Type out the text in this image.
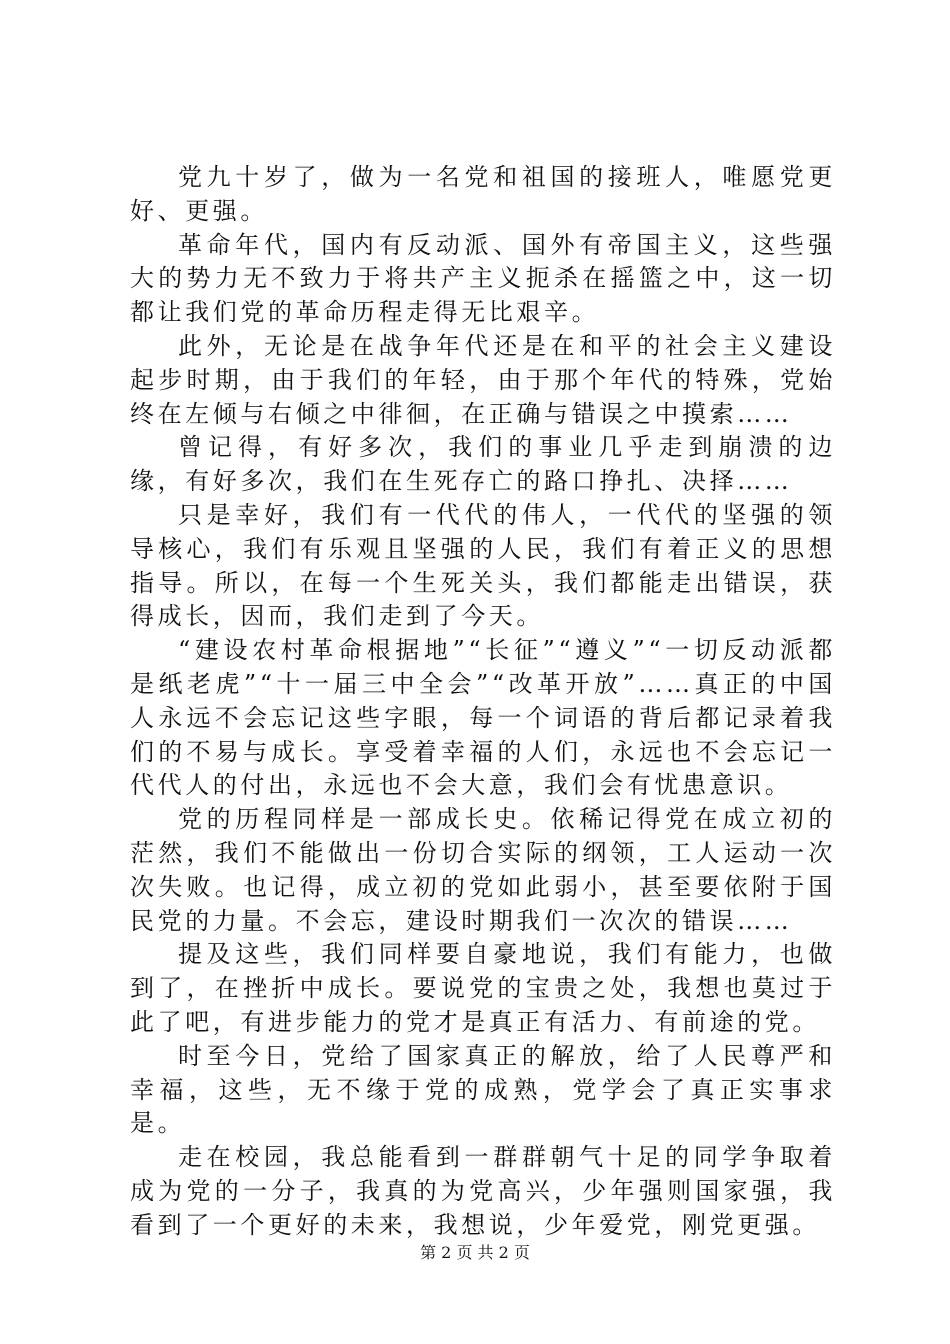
党九十岁了，做为一名党和祖国的接班人，唯愿党更好、更强。

革命年代，国内有反动派、国外有帝国主义，这些强大的势力无不致力于将共产主义扼杀在摇篮之中，这一切都让我们党的革命历程走得无比艰辛。

此外，无论是在战争年代还是在和平的社会主义建设起步时期，由于我们的年轻，由于那个年代的特殊，党始终在左倾与右倾之中徘徊，在正确与错误之中摸索……

曾记得，有好多次，我们的事业几乎走到崩溃的边缘，有好多次，我们在生死存亡的路口挣扎、决择……

只是幸好，我们有一代代的伟人，一代代的坚强的领导核心，我们有乐观且坚强的人民，我们有着正义的思想指导。所以，在每一个生死关头，我们都能走出错误，获得成长，因而，我们走到了今天。

“建设农村革命根据地”“长征”“遵义”“一切反动派都是纸老虎”“十一届三中全会”“改革开放”……真正的中国人永远不会忘记这些字眼，每一个词语的背后都记录着我们的不易与成长。享受着幸福的人们，永远也不会忘记一代代人的付出，永远也不会大意，我们会有忧患意识。

党的历程同样是一部成长史。依稀记得党在成立初的茫然，我们不能做出一份切合实际的纲领，工人运动一次次失败。也记得，成立初的党如此弱小，甚至要依附于国民党的力量。不会忘，建设时期我们一次次的错误……

提及这些，我们同样要自豪地说，我们有能力，也做到了，在挫折中成长。要说党的宝贵之处，我想也莫过于此了吧，有进步能力的党才是真正有活力、有前途的党。

时至今日，党给了国家真正的解放，给了人民尊严和幸福，这些，无不缘于党的成熟，党学会了真正实事求是。

走在校园，我总能看到一群群朝气十足的同学争取着成为党的一分子，我真的为党高兴，少年强则国家强，我看到了一个更好的未来，我想说，少年爱党，刚党更强。

第 2 页 共 2 页
